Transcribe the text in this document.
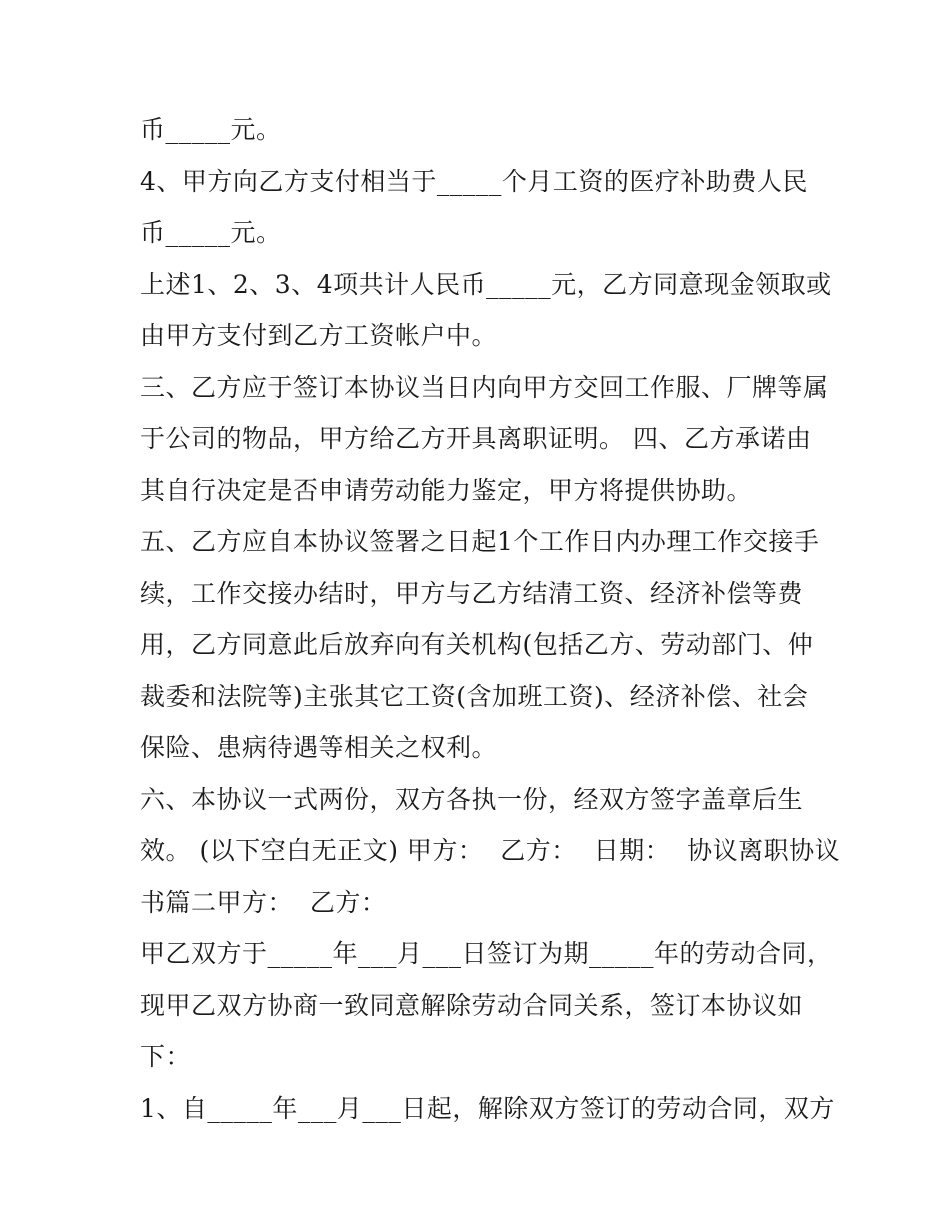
币_____元。
4、甲方向乙方支付相当于_____个月工资的医疗补助费人民
币_____元。
上述1、2、3、4项共计人民币_____元，乙方同意现金领取或
由甲方支付到乙方工资帐户中。
三、乙方应于签订本协议当日内向甲方交回工作服、厂牌等属
于公司的物品，甲方给乙方开具离职证明。 四、乙方承诺由
其自行决定是否申请劳动能力鉴定，甲方将提供协助。
五、乙方应自本协议签署之日起1个工作日内办理工作交接手
续，工作交接办结时，甲方与乙方结清工资、经济补偿等费
用，乙方同意此后放弃向有关机构(包括乙方、劳动部门、仲
裁委和法院等)主张其它工资(含加班工资)、经济补偿、社会
保险、患病待遇等相关之权利。
六、本协议一式两份，双方各执一份，经双方签字盖章后生
效。 (以下空白无正文) 甲方：  乙方：  日期：  协议离职协议
书篇二甲方：  乙方：
甲乙双方于_____年___月___日签订为期_____年的劳动合同，
现甲乙双方协商一致同意解除劳动合同关系，签订本协议如
下：
1、自_____年___月___日起，解除双方签订的劳动合同，双方
